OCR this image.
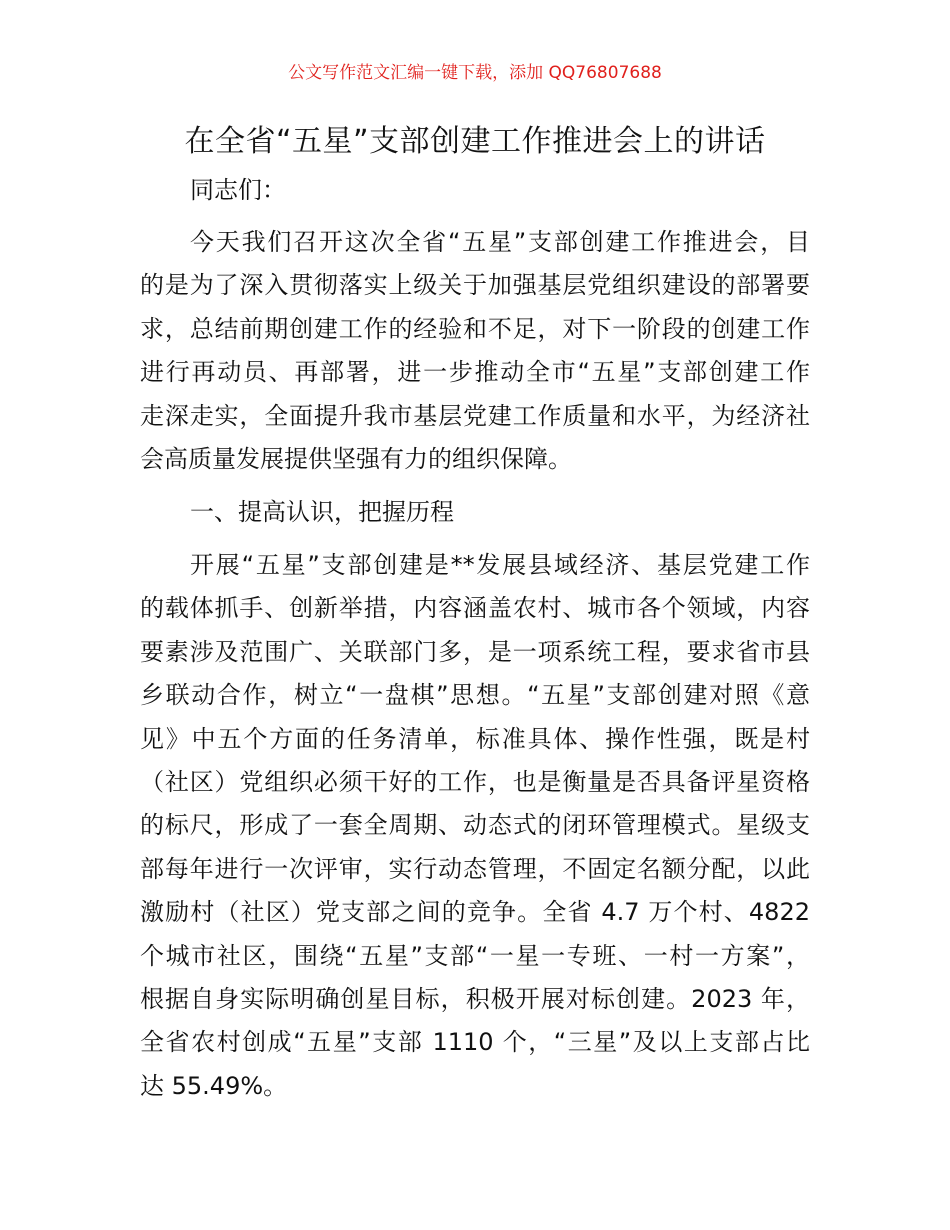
公文写作范文汇编一键下载，添加 QQ76807688
在全省“五星”支部创建工作推进会上的讲话
同志们：
今天我们召开这次全省“五星”支部创建工作推进会，目
的是为了深入贯彻落实上级关于加强基层党组织建设的部署要
求，总结前期创建工作的经验和不足，对下一阶段的创建工作
进行再动员、再部署，进一步推动全市“五星”支部创建工作
走深走实，全面提升我市基层党建工作质量和水平，为经济社
会高质量发展提供坚强有力的组织保障。
一、提高认识，把握历程
开展“五星”支部创建是**发展县域经济、基层党建工作
的载体抓手、创新举措，内容涵盖农村、城市各个领域，内容
要素涉及范围广、关联部门多，是一项系统工程，要求省市县
乡联动合作，树立“一盘棋”思想。“五星”支部创建对照《意
见》中五个方面的任务清单，标准具体、操作性强，既是村
（社区）党组织必须干好的工作，也是衡量是否具备评星资格
的标尺，形成了一套全周期、动态式的闭环管理模式。星级支
部每年进行一次评审，实行动态管理，不固定名额分配，以此
激励村（社区）党支部之间的竞争。全省 4.7 万个村、4822
个城市社区，围绕“五星”支部“一星一专班、一村一方案”，
根据自身实际明确创星目标，积极开展对标创建。2023 年，
全省农村创成“五星”支部 1110 个，“三星”及以上支部占比
达 55.49%。
